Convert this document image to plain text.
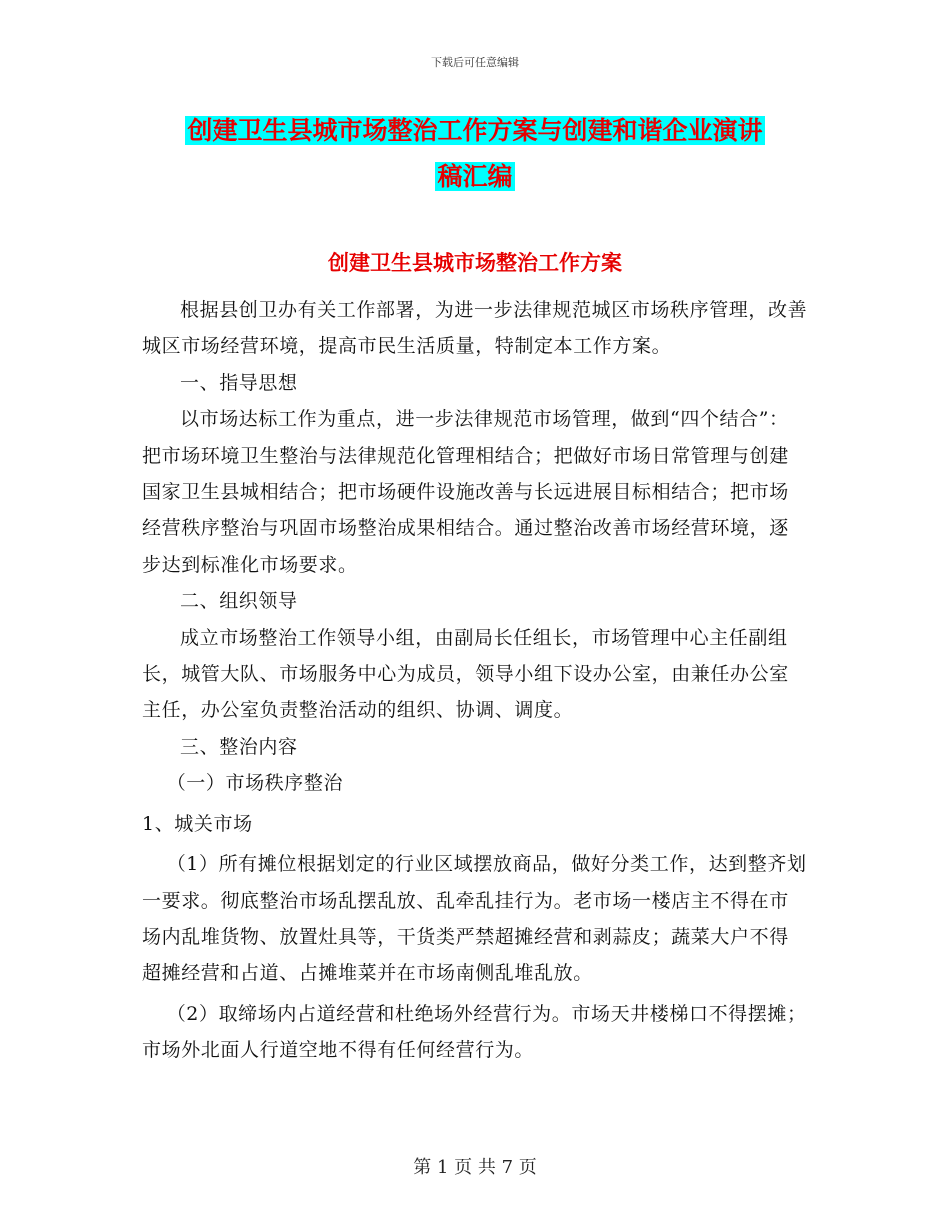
下载后可任意编辑
创建卫生县城市场整治工作方案与创建和谐企业演讲
稿汇编
创建卫生县城市场整治工作方案

根据县创卫办有关工作部署，为进一步法律规范城区市场秩序管理，改善城区市场经营环境，提高市民生活质量，特制定本工作方案。

一、指导思想

以市场达标工作为重点，进一步法律规范市场管理，做到“四个结合”：把市场环境卫生整治与法律规范化管理相结合；把做好市场日常管理与创建国家卫生县城相结合；把市场硬件设施改善与长远进展目标相结合；把市场经营秩序整治与巩固市场整治成果相结合。通过整治改善市场经营环境，逐步达到标准化市场要求。

二、组织领导

成立市场整治工作领导小组，由副局长任组长，市场管理中心主任副组长，城管大队、市场服务中心为成员，领导小组下设办公室，由兼任办公室主任，办公室负责整治活动的组织、协调、调度。

三、整治内容

（一）市场秩序整治

1、城关市场

（1）所有摊位根据划定的行业区域摆放商品，做好分类工作，达到整齐划一要求。彻底整治市场乱摆乱放、乱牵乱挂行为。老市场一楼店主不得在市场内乱堆货物、放置灶具等，干货类严禁超摊经营和剥蒜皮；蔬菜大户不得超摊经营和占道、占摊堆菜并在市场南侧乱堆乱放。

（2）取缔场内占道经营和杜绝场外经营行为。市场天井楼梯口不得摆摊；市场外北面人行道空地不得有任何经营行为。

第 1 页 共 7 页
